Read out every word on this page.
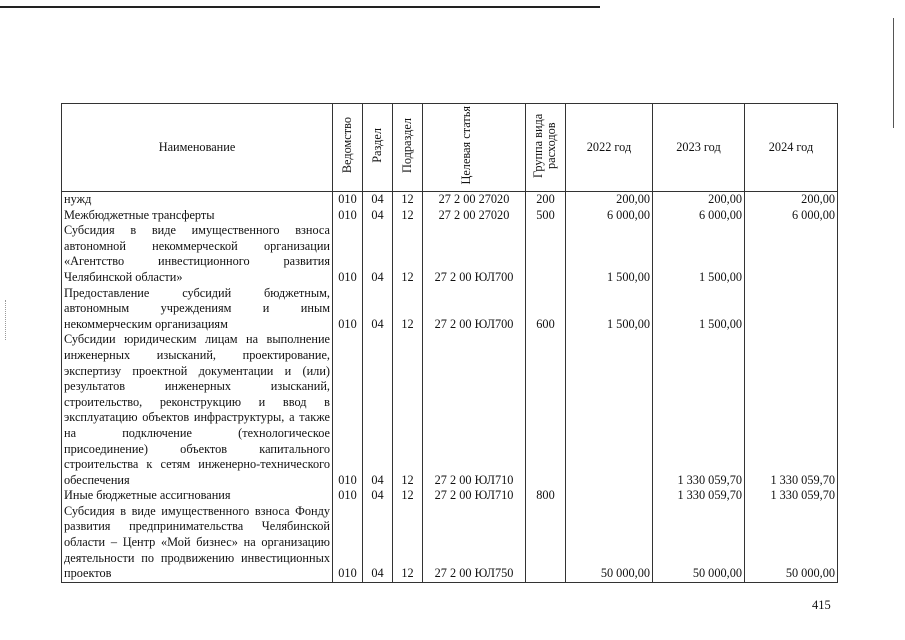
Наименование	Ведомство	Раздел	Подраздел	Целевая статья	Группа вида расходов	2022 год	2023 год	2024 год
нужд	010	04	12	27 2 00 27020	200	200,00	200,00	200,00
Межбюджетные трансферты	010	04	12	27 2 00 27020	500	6 000,00	6 000,00	6 000,00
Субсидия в виде имущественного взноса автономной некоммерческой организации «Агентство инвестиционного развития Челябинской области»	010	04	12	27 2 00 ЮЛ700		1 500,00	1 500,00	
Предоставление субсидий бюджетным, автономным учреждениям и иным некоммерческим организациям	010	04	12	27 2 00 ЮЛ700	600	1 500,00	1 500,00	
Субсидии юридическим лицам на выполнение инженерных изысканий, проектирование, экспертизу проектной документации и (или) результатов инженерных изысканий, строительство, реконструкцию и ввод в эксплуатацию объектов инфраструктуры, а также на подключение (технологическое присоединение) объектов капитального строительства к сетям инженерно-технического обеспечения	010	04	12	27 2 00 ЮЛ710			1 330 059,70	1 330 059,70
Иные бюджетные ассигнования	010	04	12	27 2 00 ЮЛ710	800		1 330 059,70	1 330 059,70
Субсидия в виде имущественного взноса Фонду развития предпринимательства Челябинской области – Центр «Мой бизнес» на организацию деятельности по продвижению инвестиционных проектов	010	04	12	27 2 00 ЮЛ750		50 000,00	50 000,00	50 000,00
415
